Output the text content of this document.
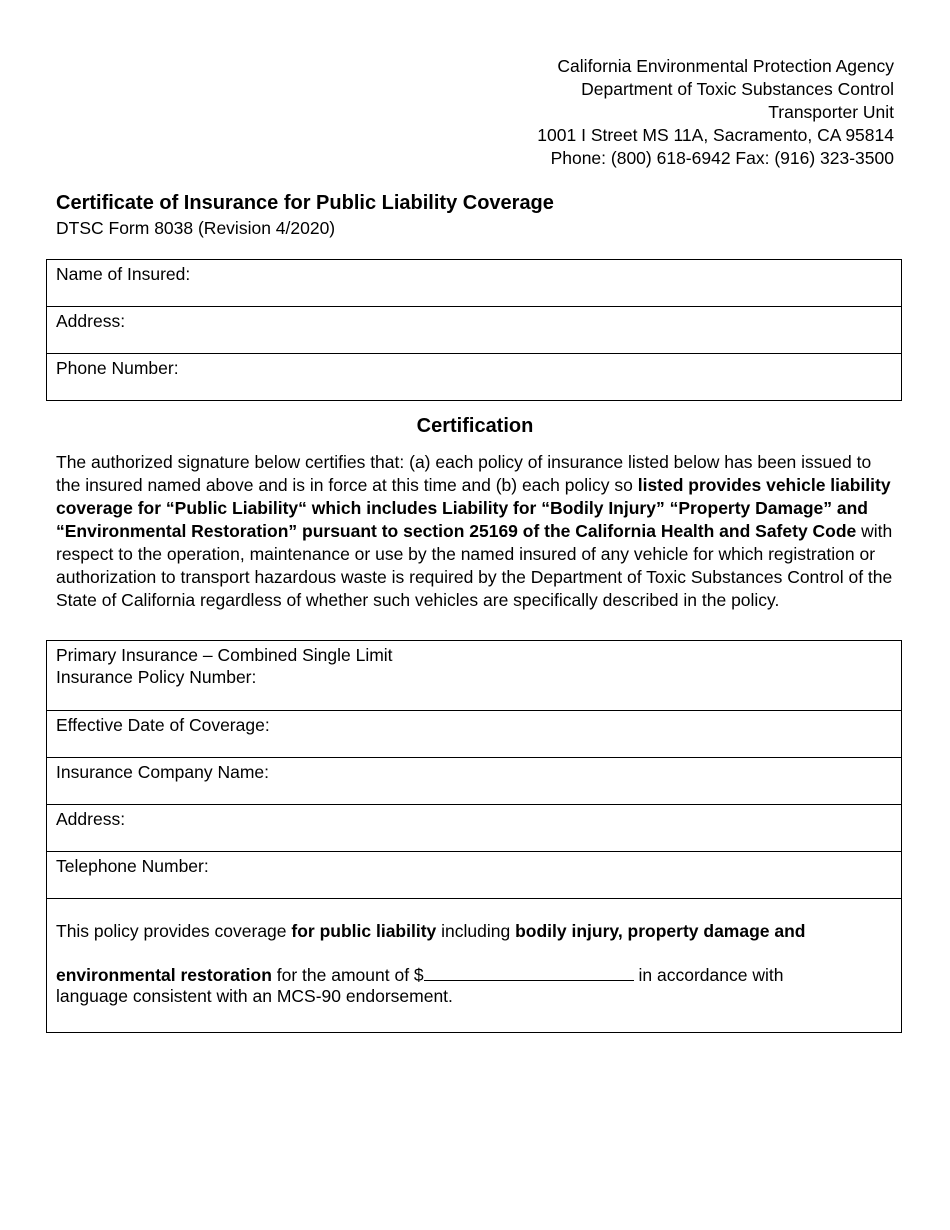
California Environmental Protection Agency
Department of Toxic Substances Control
Transporter Unit
1001 I Street MS 11A, Sacramento, CA 95814
Phone: (800) 618-6942 Fax: (916) 323-3500
Certificate of Insurance for Public Liability Coverage
DTSC Form 8038 (Revision 4/2020)
Name of Insured:
Address:
Phone Number:
Certification
The authorized signature below certifies that: (a) each policy of insurance listed below has been issued to the insured named above and is in force at this time and (b) each policy so listed provides vehicle liability coverage for “Public Liability“ which includes Liability for “Bodily Injury” “Property Damage” and “Environmental Restoration” pursuant to section 25169 of the California Health and Safety Code with respect to the operation, maintenance or use by the named insured of any vehicle for which registration or authorization to transport hazardous waste is required by the Department of Toxic Substances Control of the State of California regardless of whether such vehicles are specifically described in the policy.
Primary Insurance – Combined Single Limit
Insurance Policy Number:
Effective Date of Coverage:
Insurance Company Name:
Address:
Telephone Number:
This policy provides coverage for public liability including bodily injury, property damage and
environmental restoration for the amount of $	in accordance with
language consistent with an MCS-90 endorsement.
